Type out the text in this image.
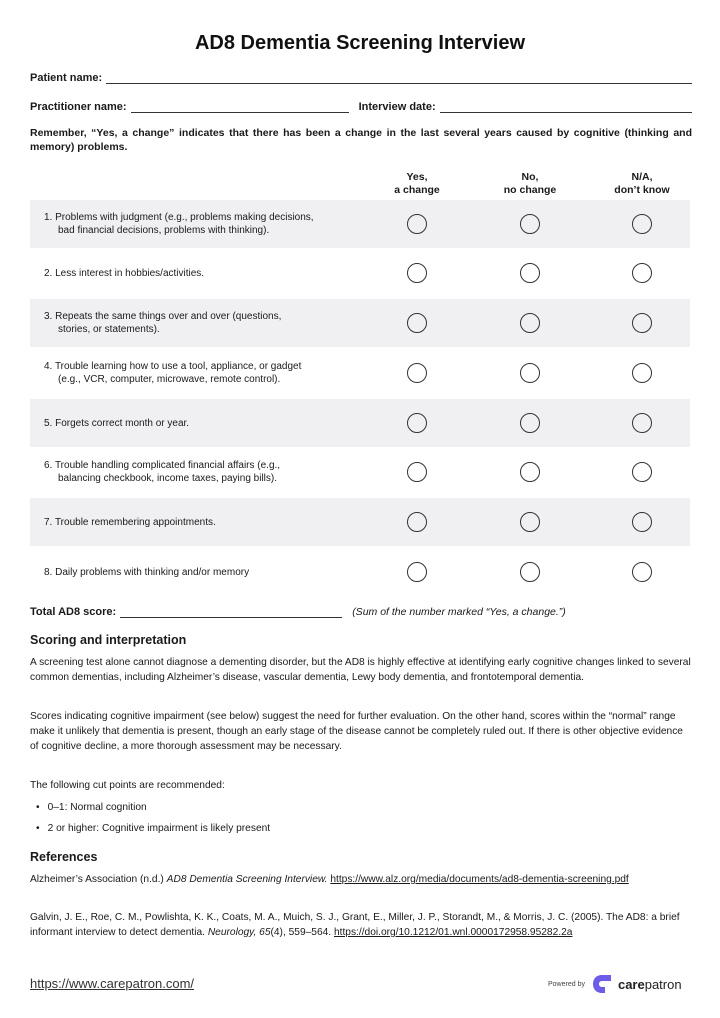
AD8 Dementia Screening Interview
Patient name:
Practitioner name:	Interview date:
Remember, “Yes, a change” indicates that there has been a change in the last several years caused by cognitive (thinking and memory) problems.
Yes,
a change
No,
no change
N/A,
don’t know
1. Problems with judgment (e.g., problems making decisions,
bad financial decisions, problems with thinking).
2. Less interest in hobbies/activities.
3. Repeats the same things over and over (questions,
stories, or statements).
4. Trouble learning how to use a tool, appliance, or gadget
(e.g., VCR, computer, microwave, remote control).
5. Forgets correct month or year.
6. Trouble handling complicated financial affairs (e.g.,
balancing checkbook, income taxes, paying bills).
7. Trouble remembering appointments.
8. Daily problems with thinking and/or memory
Total AD8 score:	(Sum of the number marked “Yes, a change.”)
Scoring and interpretation
A screening test alone cannot diagnose a dementing disorder, but the AD8 is highly effective at identifying early cognitive changes linked to several common dementias, including Alzheimer’s disease, vascular dementia, Lewy body dementia, and frontotemporal dementia.
Scores indicating cognitive impairment (see below) suggest the need for further evaluation. On the other hand, scores within the “normal” range make it unlikely that dementia is present, though an early stage of the disease cannot be completely ruled out. If there is other objective evidence of cognitive decline, a more thorough assessment may be necessary.
The following cut points are recommended:
• 0–1: Normal cognition
• 2 or higher: Cognitive impairment is likely present
References
Alzheimer’s Association (n.d.) AD8 Dementia Screening Interview. https://www.alz.org/media/documents/ad8-dementia-screening.pdf
Galvin, J. E., Roe, C. M., Powlishta, K. K., Coats, M. A., Muich, S. J., Grant, E., Miller, J. P., Storandt, M., & Morris, J. C. (2005). The AD8: a brief informant interview to detect dementia. Neurology, 65(4), 559–564. https://doi.org/10.1212/01.wnl.0000172958.95282.2a
https://www.carepatron.com/	Powered by	carepatron
